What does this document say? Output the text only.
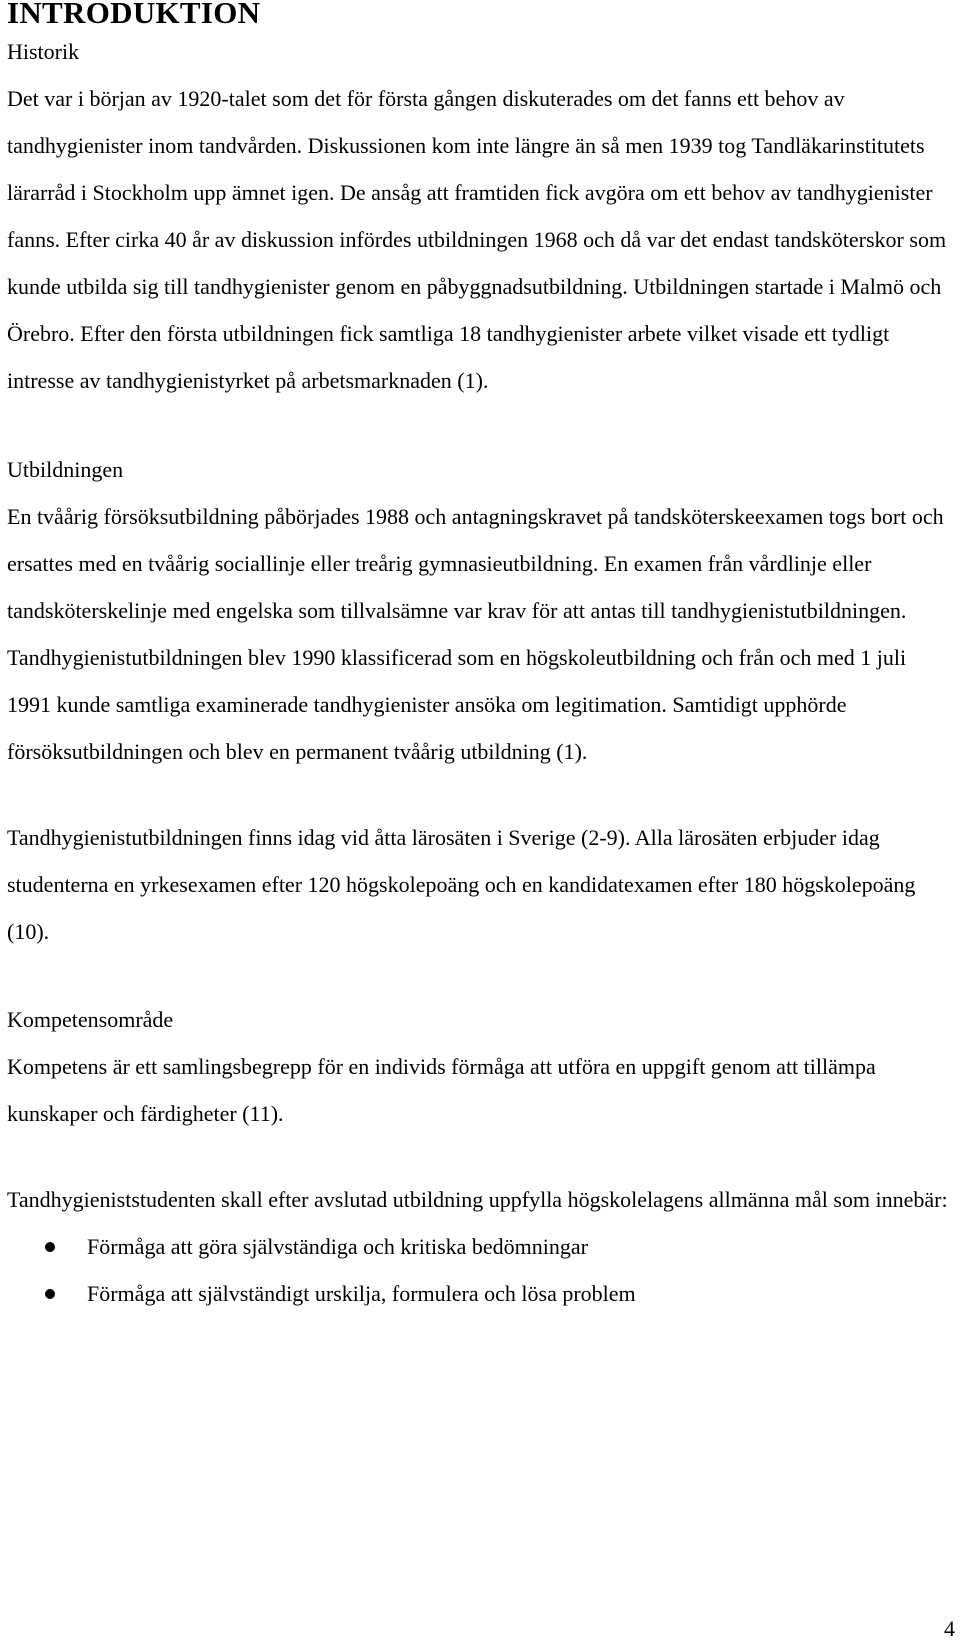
INTRODUKTION
Historik

Det var i början av 1920-talet som det för första gången diskuterades om det fanns ett behov av tandhygienister inom tandvården. Diskussionen kom inte längre än så men 1939 tog Tandläkarinstitutets lärarråd i Stockholm upp ämnet igen. De ansåg att framtiden fick avgöra om ett behov av tandhygienister fanns. Efter cirka 40 år av diskussion infördes utbildningen 1968 och då var det endast tandsköterskor som kunde utbilda sig till tandhygienister genom en påbyggnadsutbildning. Utbildningen startade i Malmö och Örebro. Efter den första utbildningen fick samtliga 18 tandhygienister arbete vilket visade ett tydligt intresse av tandhygienistyrket på arbetsmarknaden (1).

Utbildningen

En tvåårig försöksutbildning påbörjades 1988 och antagningskravet på tandsköterskeexamen togs bort och ersattes med en tvåårig sociallinje eller treårig gymnasieutbildning. En examen från vårdlinje eller tandsköterskelinje med engelska som tillvalsämne var krav för att antas till tandhygienistutbildningen. Tandhygienistutbildningen blev 1990 klassificerad som en högskoleutbildning och från och med 1 juli 1991 kunde samtliga examinerade tandhygienister ansöka om legitimation. Samtidigt upphörde försöksutbildningen och blev en permanent tvåårig utbildning (1).

Tandhygienistutbildningen finns idag vid åtta lärosäten i Sverige (2-9). Alla lärosäten erbjuder idag studenterna en yrkesexamen efter 120 högskolepoäng och en kandidatexamen efter 180 högskolepoäng (10).

Kompetensområde

Kompetens är ett samlingsbegrepp för en individs förmåga att utföra en uppgift genom att tillämpa kunskaper och färdigheter (11).

Tandhygieniststudenten skall efter avslutad utbildning uppfylla högskolelagens allmänna mål som innebär:

Förmåga att göra självständiga och kritiska bedömningar
Förmåga att självständigt urskilja, formulera och lösa problem
4
